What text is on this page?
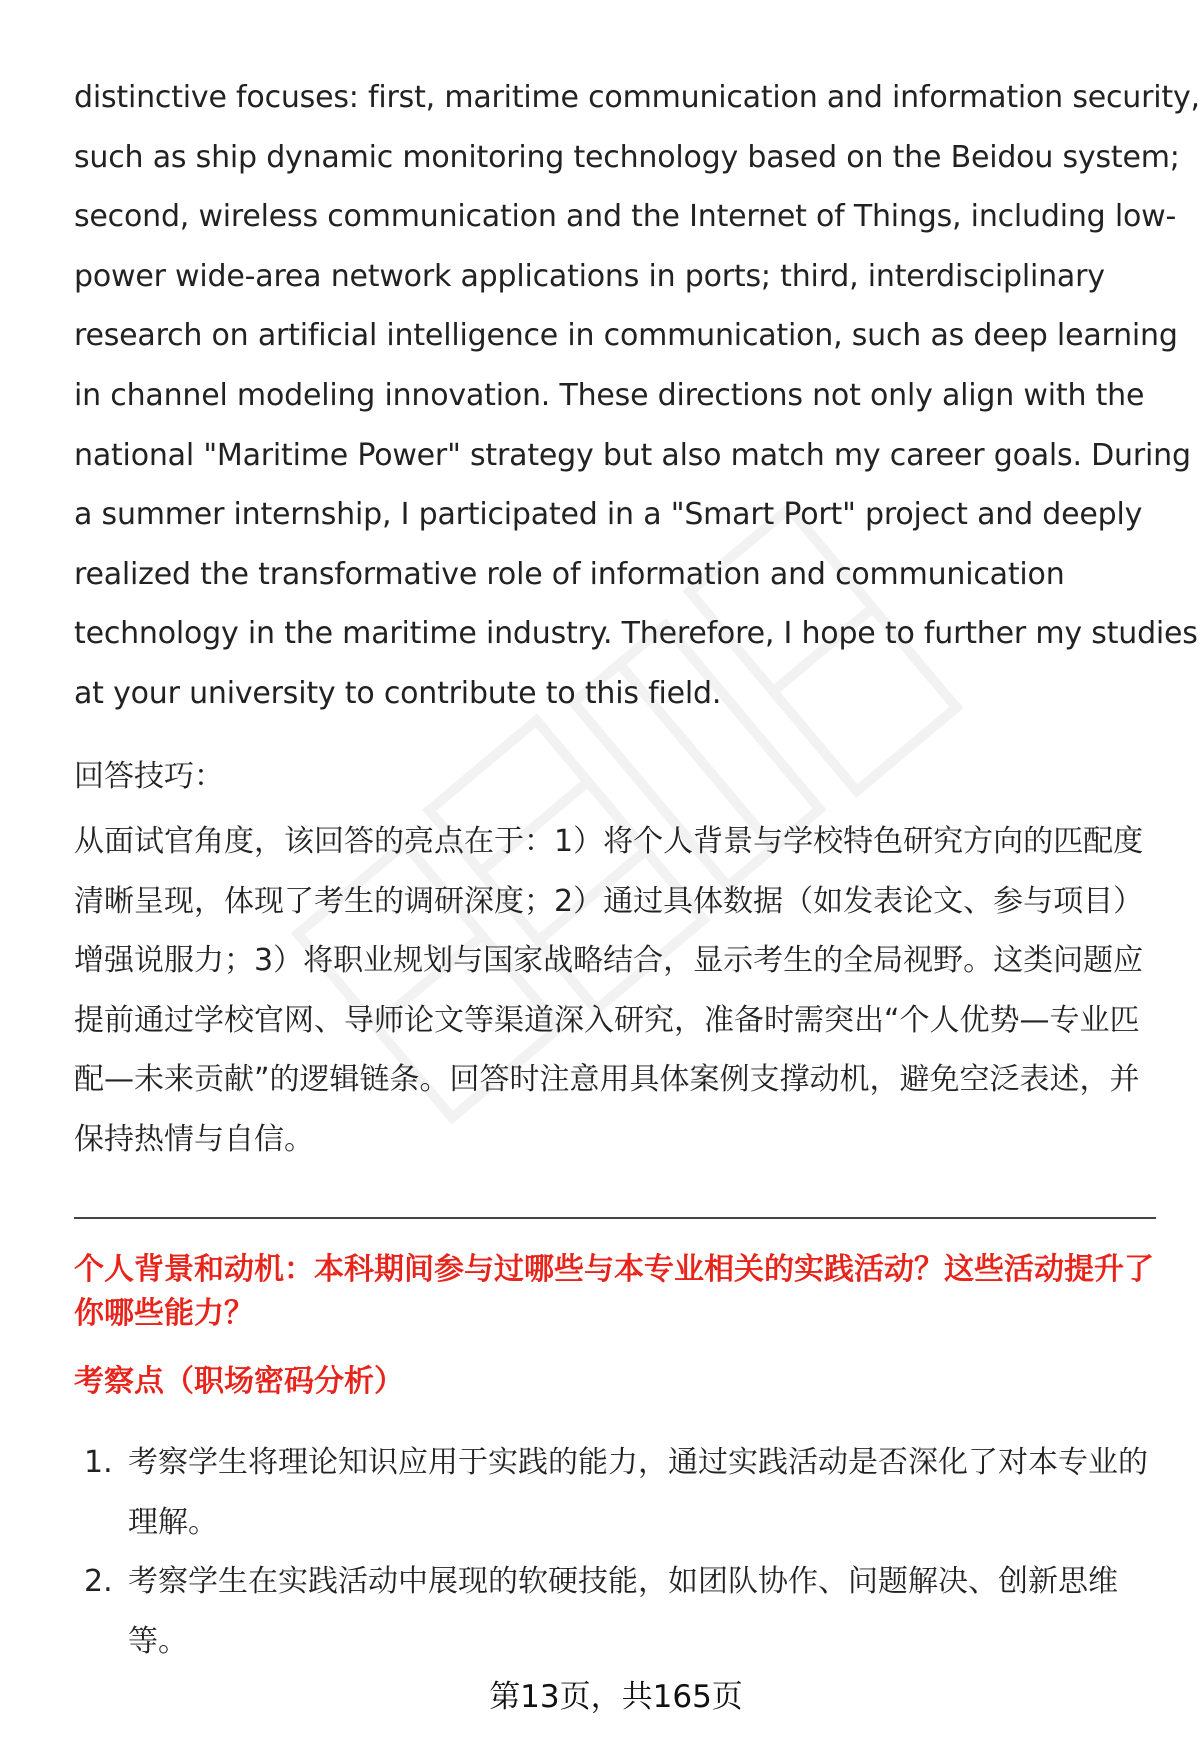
distinctive focuses: first, maritime communication and information security,
such as ship dynamic monitoring technology based on the Beidou system;
second, wireless communication and the Internet of Things, including low-
power wide-area network applications in ports; third, interdisciplinary
research on artificial intelligence in communication, such as deep learning
in channel modeling innovation. These directions not only align with the
national "Maritime Power" strategy but also match my career goals. During
a summer internship, I participated in a "Smart Port" project and deeply
realized the transformative role of information and communication
technology in the maritime industry. Therefore, I hope to further my studies
at your university to contribute to this field.

回答技巧：

从面试官角度，该回答的亮点在于：1）将个人背景与学校特色研究方向的匹配度
清晰呈现，体现了考生的调研深度；2）通过具体数据（如发表论文、参与项目）
增强说服力；3）将职业规划与国家战略结合，显示考生的全局视野。这类问题应
提前通过学校官网、导师论文等渠道深入研究，准备时需突出“个人优势—专业匹
配—未来贡献”的逻辑链条。回答时注意用具体案例支撑动机，避免空泛表述，并
保持热情与自信。

个人背景和动机：本科期间参与过哪些与本专业相关的实践活动？这些活动提升了
你哪些能力？

考察点（职场密码分析）

1. 考察学生将理论知识应用于实践的能力，通过实践活动是否深化了对本专业的
理解。
2. 考察学生在实践活动中展现的软硬技能，如团队协作、问题解决、创新思维
等。
第13页，共165页
